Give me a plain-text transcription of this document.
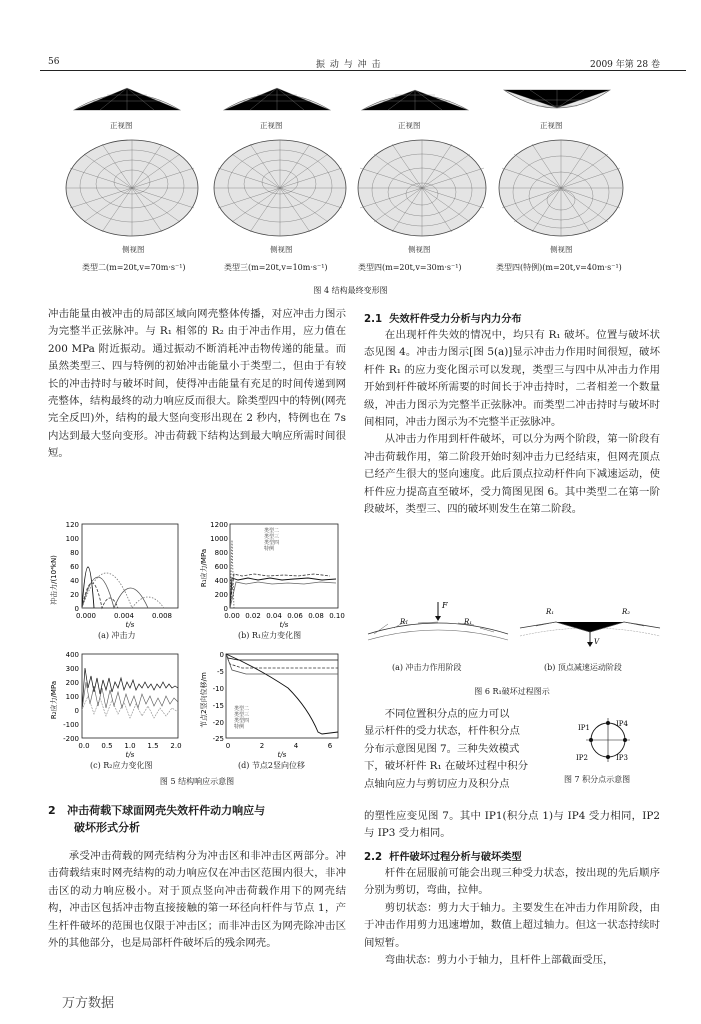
56	振 动 与 冲 击	2009 年第 28 卷
正视图
侧视图
类型二(m=20t,v=70m·s⁻¹)
正视图
侧视图
类型三(m=20t,v=10m·s⁻¹)
正视图
侧视图
类型四(m=20t,v=30m·s⁻¹)
正视图
侧视图
类型四(特例)(m=20t,v=40m·s⁻¹)
图 4 结构最终变形图

冲击能量由被冲击的局部区域向网壳整体传播，对应冲击力图示为完整半正弦脉冲。与 R₁ 相邻的 R₂ 由于冲击作用，应力值在 200 MPa 附近振动。通过振动不断消耗冲击物传递的能量。而虽然类型三、四与特例的初始冲击能量小于类型二，但由于有较长的冲击持时与破坏时间，使得冲击能量有充足的时间传递到网壳整体，结构最终的动力响应反而很大。除类型四中的特例(网壳完全反凹)外，结构的最大竖向变形出现在 2 秒内，特例也在 7s 内达到最大竖向变形。冲击荷载下结构达到最大响应所需时间很短。

冲击力/(10⁴kN)
120
100
80
60
40
20
0
0.000	0.004	0.008
t/s
(a) 冲击力
R₁应力/MPa
1200
1000
800
600
400
200
0
0.00 0.02 0.04 0.06 0.08 0.10
t/s
类型二
类型三
类型四
特例
(b) R₁应力变化图
R₂应力/MPa
400
300
200
100
0
-100
-200
0.0 0.5 1.0 1.5 2.0
t/s
(c) R₂应力变化图
节点2竖向位移/m
0
-5
-10
-15
-20
-25
0	2	4	6
t/s
类型二
类型三
类型四
特例
(d) 节点2竖向位移
图 5 结构响应示意图
2 冲击荷载下球面网壳失效杆件动力响应与
破坏形式分析

承受冲击荷载的网壳结构分为冲击区和非冲击区两部分。冲击荷载结束时网壳结构的动力响应仅在冲击区范围内很大，非冲击区的动力响应极小。对于顶点竖向冲击荷载作用下的网壳结构，冲击区包括冲击物直接接触的第一环径向杆件与节点 1，产生杆件破坏的范围也仅限于冲击区；而非冲击区为网壳除冲击区外的其他部分，也是局部杆件破坏后的残余网壳。

2.1 失效杆件受力分析与内力分布

在出现杆件失效的情况中，均只有 R₁ 破坏。位置与破坏状态见图 4。冲击力图示[图 5(a)]显示冲击力作用时间很短，破坏杆件 R₁ 的应力变化图示可以发现，类型三与四中从冲击力作用开始到杆件破坏所需要的时间长于冲击持时，二者相差一个数量级，冲击力图示为完整半正弦脉冲。而类型二冲击持时与破坏时间相同，冲击力图示为不完整半正弦脉冲。

从冲击力作用到杆件破坏，可以分为两个阶段，第一阶段有冲击荷载作用，第二阶段开始时刻冲击力已经结束，但网壳顶点已经产生很大的竖向速度。此后顶点拉动杆件向下减速运动，使杆件应力提高直至破坏，受力简图见图 6。其中类型二在第一阶段破坏，类型三、四的破坏则发生在第二阶段。

F
R₁	R₁
V
R₁	R₂
(a) 冲击力作用阶段	(b) 顶点减速运动阶段
图 6 R₁破坏过程图示

不同位置积分点的应力可以

显示杆件的受力状态，杆件积分点

分布示意图见图 7。三种失效模式

下，破坏杆件 R₁ 在破坏过程中积分

点轴向应力与剪切应力及积分点

IP1	IP4
IP2	IP3
图 7 积分点示意图

的塑性应变见图 7。其中 IP1(积分点 1)与 IP4 受力相同，IP2 与 IP3 受力相同。

2.2 杆件破坏过程分析与破坏类型

杆件在屈服前可能会出现三种受力状态，按出现的先后顺序分别为剪切，弯曲，拉伸。

剪切状态：剪力大于轴力。主要发生在冲击力作用阶段，由于冲击作用剪力迅速增加，数值上超过轴力。但这一状态持续时间短暂。

弯曲状态：剪力小于轴力，且杆件上部截面受压，

万方数据
